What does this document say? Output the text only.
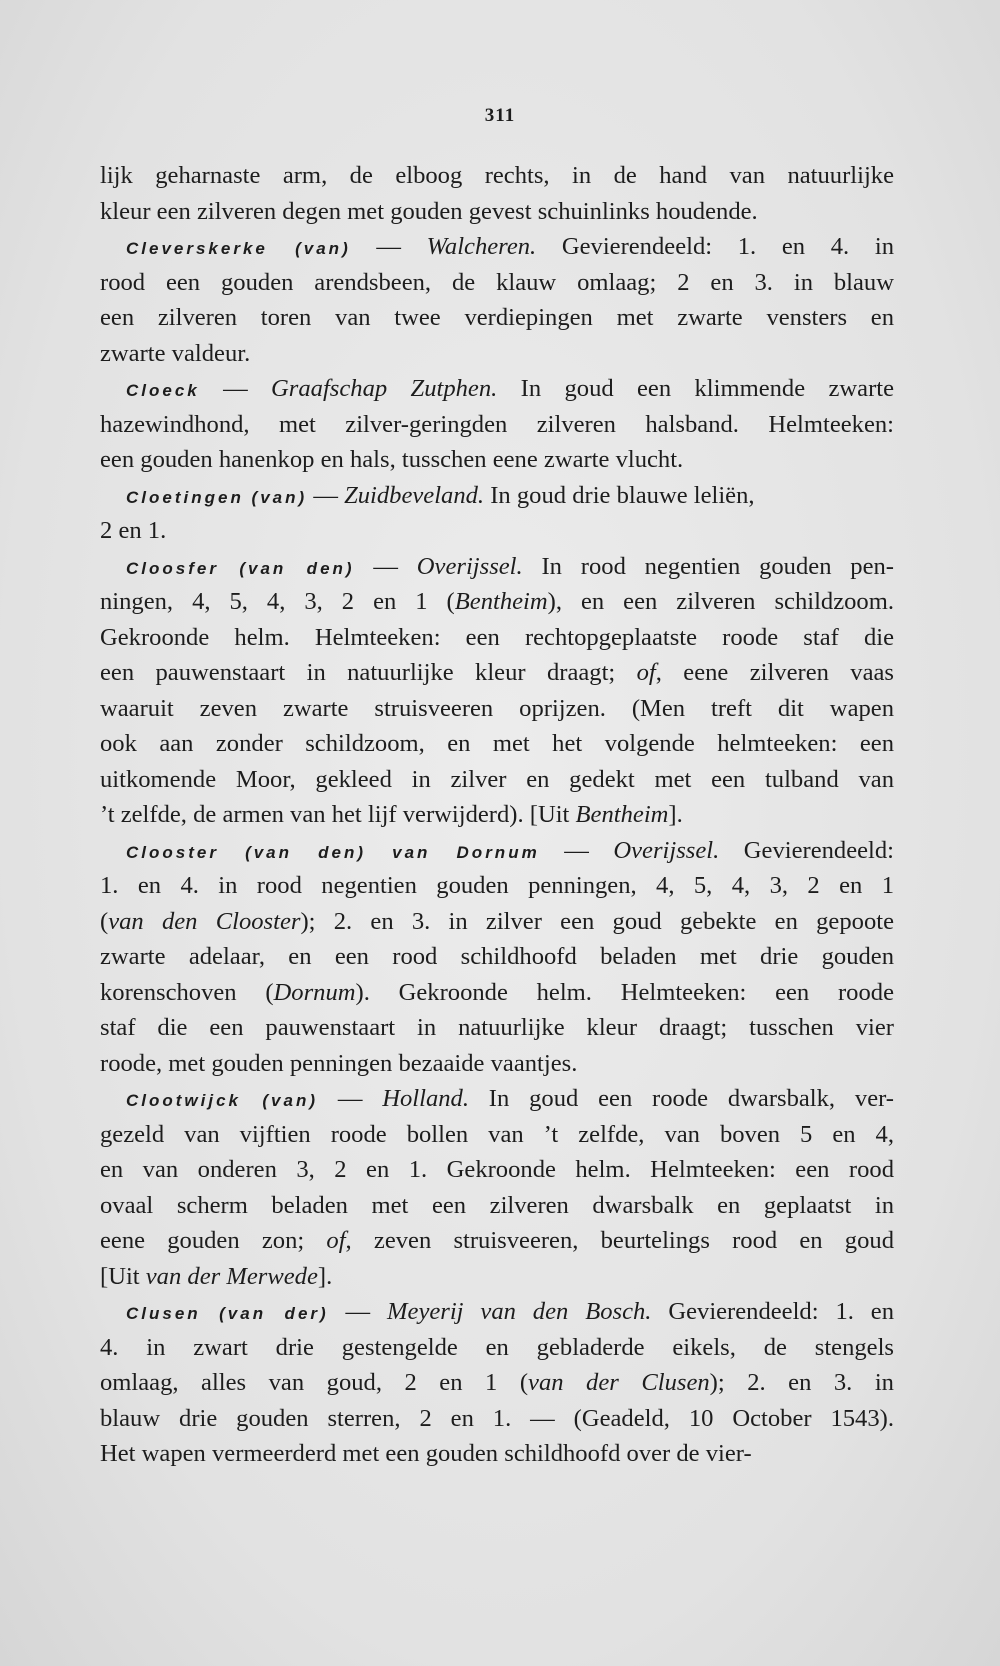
311
lijk geharnaste arm, de elboog rechts, in de hand van natuurlijke
kleur een zilveren degen met gouden gevest schuinlinks houdende.
Cleverskerke (van) — Walcheren. Gevierendeeld: 1. en 4. in
rood een gouden arendsbeen, de klauw omlaag; 2 en 3. in blauw
een zilveren toren van twee verdiepingen met zwarte vensters en
zwarte valdeur.
Cloeck — Graafschap Zutphen. In goud een klimmende zwarte
hazewindhond, met zilver-geringden zilveren halsband. Helmteeken:
een gouden hanenkop en hals, tusschen eene zwarte vlucht.
Cloetingen (van) — Zuidbeveland. In goud drie blauwe leliën,
2 en 1.
Cloosfer (van den) — Overijssel. In rood negentien gouden pen-
ningen, 4, 5, 4, 3, 2 en 1 (Bentheim), en een zilveren schildzoom.
Gekroonde helm. Helmteeken: een rechtopgeplaatste roode staf die
een pauwenstaart in natuurlijke kleur draagt; of, eene zilveren vaas
waaruit zeven zwarte struisveeren oprijzen. (Men treft dit wapen
ook aan zonder schildzoom, en met het volgende helmteeken: een
uitkomende Moor, gekleed in zilver en gedekt met een tulband van
’t zelfde, de armen van het lijf verwijderd). [Uit Bentheim].
Clooster (van den) van Dornum — Overijssel. Gevierendeeld:
1. en 4. in rood negentien gouden penningen, 4, 5, 4, 3, 2 en 1
(van den Clooster); 2. en 3. in zilver een goud gebekte en gepoote
zwarte adelaar, en een rood schildhoofd beladen met drie gouden
korenschoven (Dornum). Gekroonde helm. Helmteeken: een roode
staf die een pauwenstaart in natuurlijke kleur draagt; tusschen vier
roode, met gouden penningen bezaaide vaantjes.
Clootwijck (van) — Holland. In goud een roode dwarsbalk, ver-
gezeld van vijftien roode bollen van ’t zelfde, van boven 5 en 4,
en van onderen 3, 2 en 1. Gekroonde helm. Helmteeken: een rood
ovaal scherm beladen met een zilveren dwarsbalk en geplaatst in
eene gouden zon; of, zeven struisveeren, beurtelings rood en goud
[Uit van der Merwede].
Clusen (van der) — Meyerij van den Bosch. Gevierendeeld: 1. en
4. in zwart drie gestengelde en gebladerde eikels, de stengels
omlaag, alles van goud, 2 en 1 (van der Clusen); 2. en 3. in
blauw drie gouden sterren, 2 en 1. — (Geadeld, 10 October 1543).
Het wapen vermeerderd met een gouden schildhoofd over de vier-
